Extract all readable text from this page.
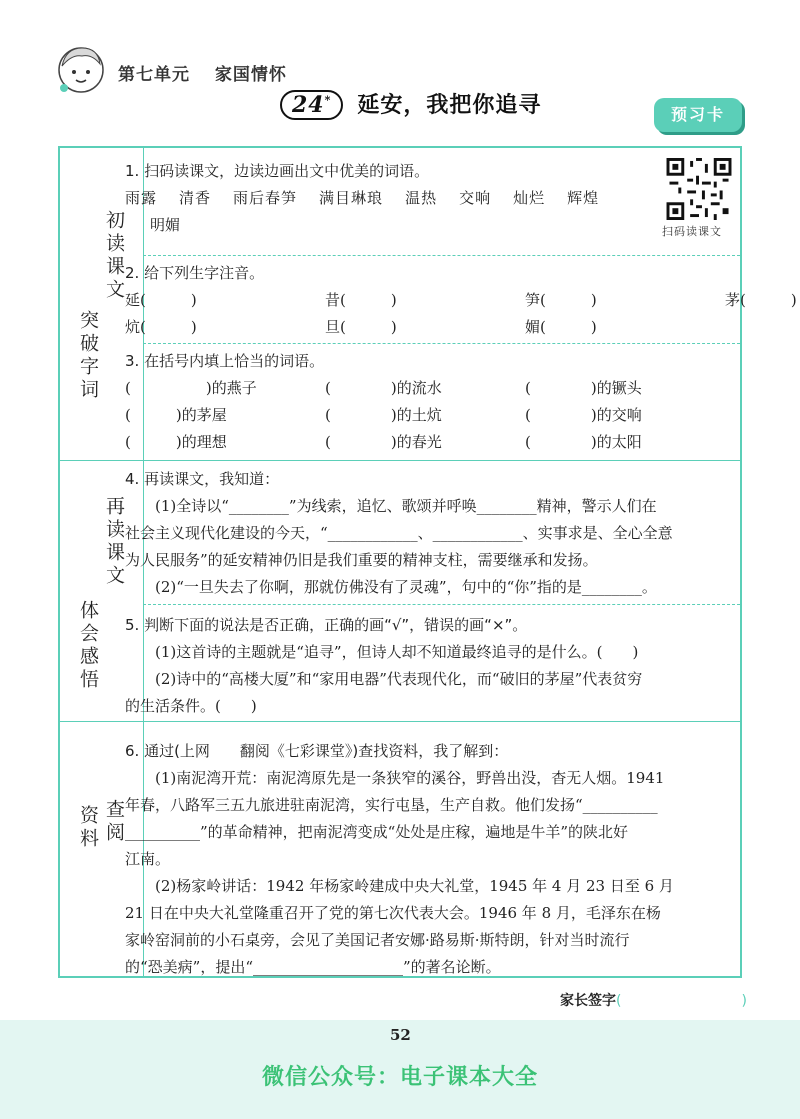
第七单元 家国情怀
24* 延安，我把你追寻	预习卡
扫码读课文
初读课文
突破字词
再读课文
体会感悟
查阅
资料

1. 扫码读课文，边读边画出文中优美的词语。

雨露 清香 雨后春笋 满目琳琅 温热 交响 灿烂 辉煌

明媚

2. 给下列生字注音。

延(　　　)	昔(　　　)	笋(　　　)	茅(　　　)
炕(　　　)	旦(　　　)	媚(　　　)

3. 在括号内填上恰当的词语。

(　　　　　)的燕子	(　　　　)的流水	(　　　　)的镢头
(　　　)的茅屋	(　　　　)的土炕	(　　　　)的交响
(　　　)的理想	(　　　　)的春光	(　　　　)的太阳

4. 再读课文，我知道：

(1)全诗以“________”为线索，追忆、歌颂并呼唤________精神，警示人们在

社会主义现代化建设的今天，“____________、____________、实事求是、全心全意

为人民服务”的延安精神仍旧是我们重要的精神支柱，需要继承和发扬。

(2)“一旦失去了你啊，那就仿佛没有了灵魂”，句中的“你”指的是________。

5. 判断下面的说法是否正确，正确的画“√”，错误的画“×”。

(1)这首诗的主题就是“追寻”，但诗人却不知道最终追寻的是什么。(　　)

(2)诗中的“高楼大厦”和“家用电器”代表现代化，而“破旧的茅屋”代表贫穷

的生活条件。(　　)

6. 通过(上网　　翻阅《七彩课堂》)查找资料，我了解到：

(1)南泥湾开荒：南泥湾原先是一条狭窄的溪谷，野兽出没，杳无人烟。1941

年春，八路军三五九旅进驻南泥湾，实行屯垦，生产自救。他们发扬“__________

__________”的革命精神，把南泥湾变成“处处是庄稼，遍地是牛羊”的陕北好

江南。

(2)杨家岭讲话：1942 年杨家岭建成中央大礼堂，1945 年 4 月 23 日至 6 月

21 日在中央大礼堂隆重召开了党的第七次代表大会。1946 年 8 月，毛泽东在杨

家岭窑洞前的小石桌旁，会见了美国记者安娜·路易斯·斯特朗，针对当时流行

的“恐美病”，提出“____________________”的著名论断。

家长签字(	)
52
微信公众号：电子课本大全
